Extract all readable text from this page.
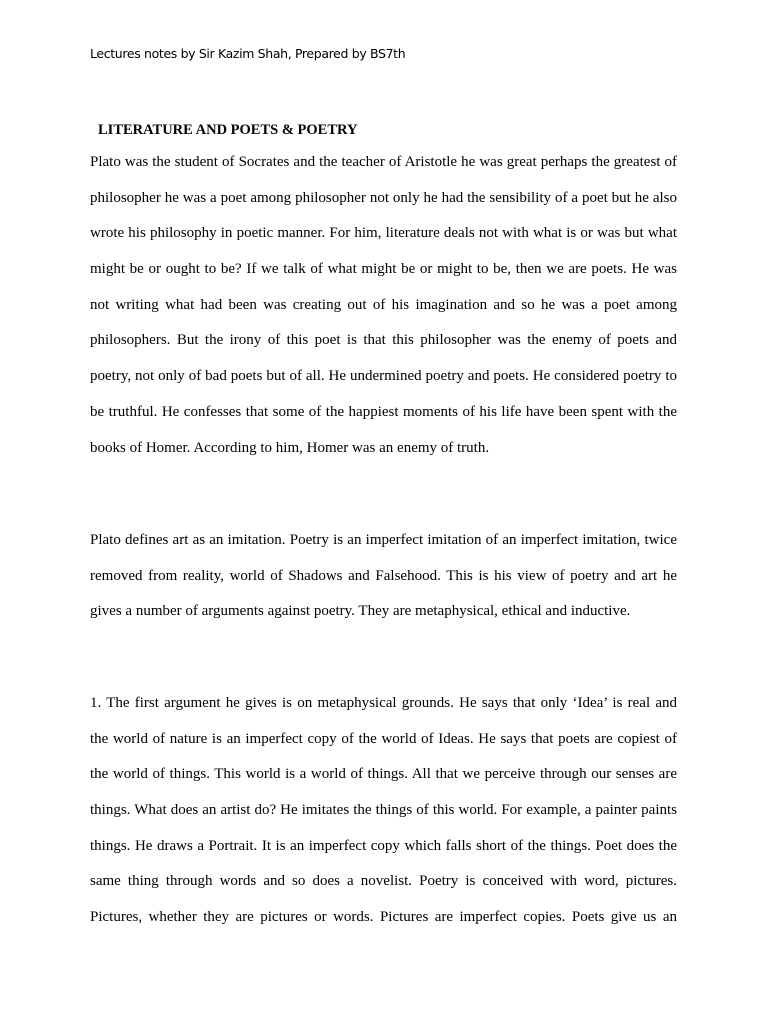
Lectures notes by Sir Kazim Shah, Prepared by BS7th
LITERATURE AND POETS & POETRY
Plato was the student of Socrates and the teacher of Aristotle he was great perhaps the greatest of
philosopher he was a poet among philosopher not only he had the sensibility of a poet but he also
wrote his philosophy in poetic manner. For him, literature deals not with what is or was but what
might be or ought to be? If we talk of what might be or might to be, then we are poets. He was
not writing what had been was creating out of his imagination and so he was a poet among
philosophers. But the irony of this poet is that this philosopher was the enemy of poets and
poetry, not only of bad poets but of all. He undermined poetry and poets. He considered poetry to
be truthful. He confesses that some of the happiest moments of his life have been spent with the
books of Homer. According to him, Homer was an enemy of truth.
Plato defines art as an imitation. Poetry is an imperfect imitation of an imperfect imitation, twice
removed from reality, world of Shadows and Falsehood. This is his view of poetry and art he
gives a number of arguments against poetry. They are metaphysical, ethical and inductive.
1. The first argument he gives is on metaphysical grounds. He says that only ‘Idea’ is real and
the world of nature is an imperfect copy of the world of Ideas. He says that poets are copiest of
the world of things. This world is a world of things. All that we perceive through our senses are
things. What does an artist do? He imitates the things of this world. For example, a painter paints
things. He draws a Portrait. It is an imperfect copy which falls short of the things. Poet does the
same thing through words and so does a novelist. Poetry is conceived with word, pictures.
Pictures, whether they are pictures or words. Pictures are imperfect copies. Poets give us an
